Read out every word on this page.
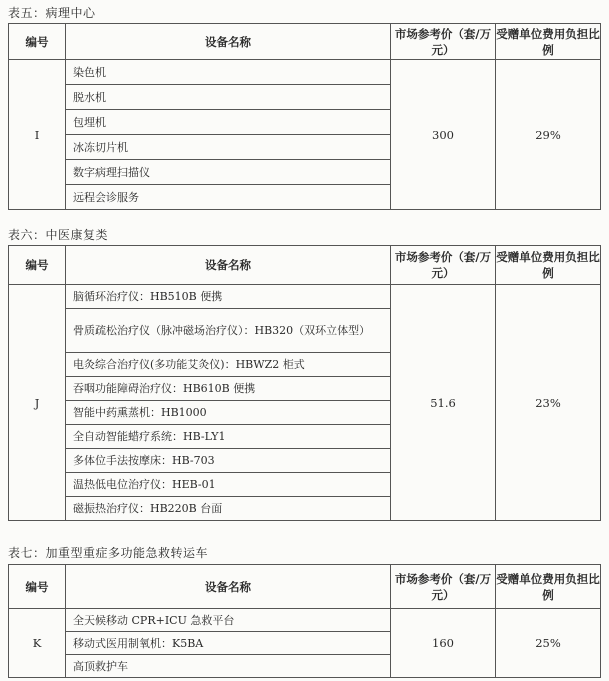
表五：病理中心
编号	设备名称	市场参考价（套/万元）	受赠单位费用负担比例
I	染色机	300	29%
	脱水机		
	包埋机		
	冰冻切片机		
	数字病理扫描仪		
	远程会诊服务		
表六：中医康复类
编号	设备名称	市场参考价（套/万元）	受赠单位费用负担比例
J	脑循环治疗仪：HB510B 便携	51.6	23%
	骨质疏松治疗仪（脉冲磁场治疗仪）：HB320（双环立体型）		
	电灸综合治疗仪(多功能艾灸仪)：HBWZ2 柜式		
	吞咽功能障碍治疗仪：HB610B 便携		
	智能中药熏蒸机：HB1000		
	全自动智能蜡疗系统：HB-LY1		
	多体位手法按摩床：HB-703		
	温热低电位治疗仪：HEB-01		
	磁振热治疗仪：HB220B 台面		
表七：加重型重症多功能急救转运车
编号	设备名称	市场参考价（套/万元）	受赠单位费用负担比例
K	全天候移动 CPR+ICU 急救平台	160	25%
	移动式医用制氧机：K5BA		
	高顶救护车		
